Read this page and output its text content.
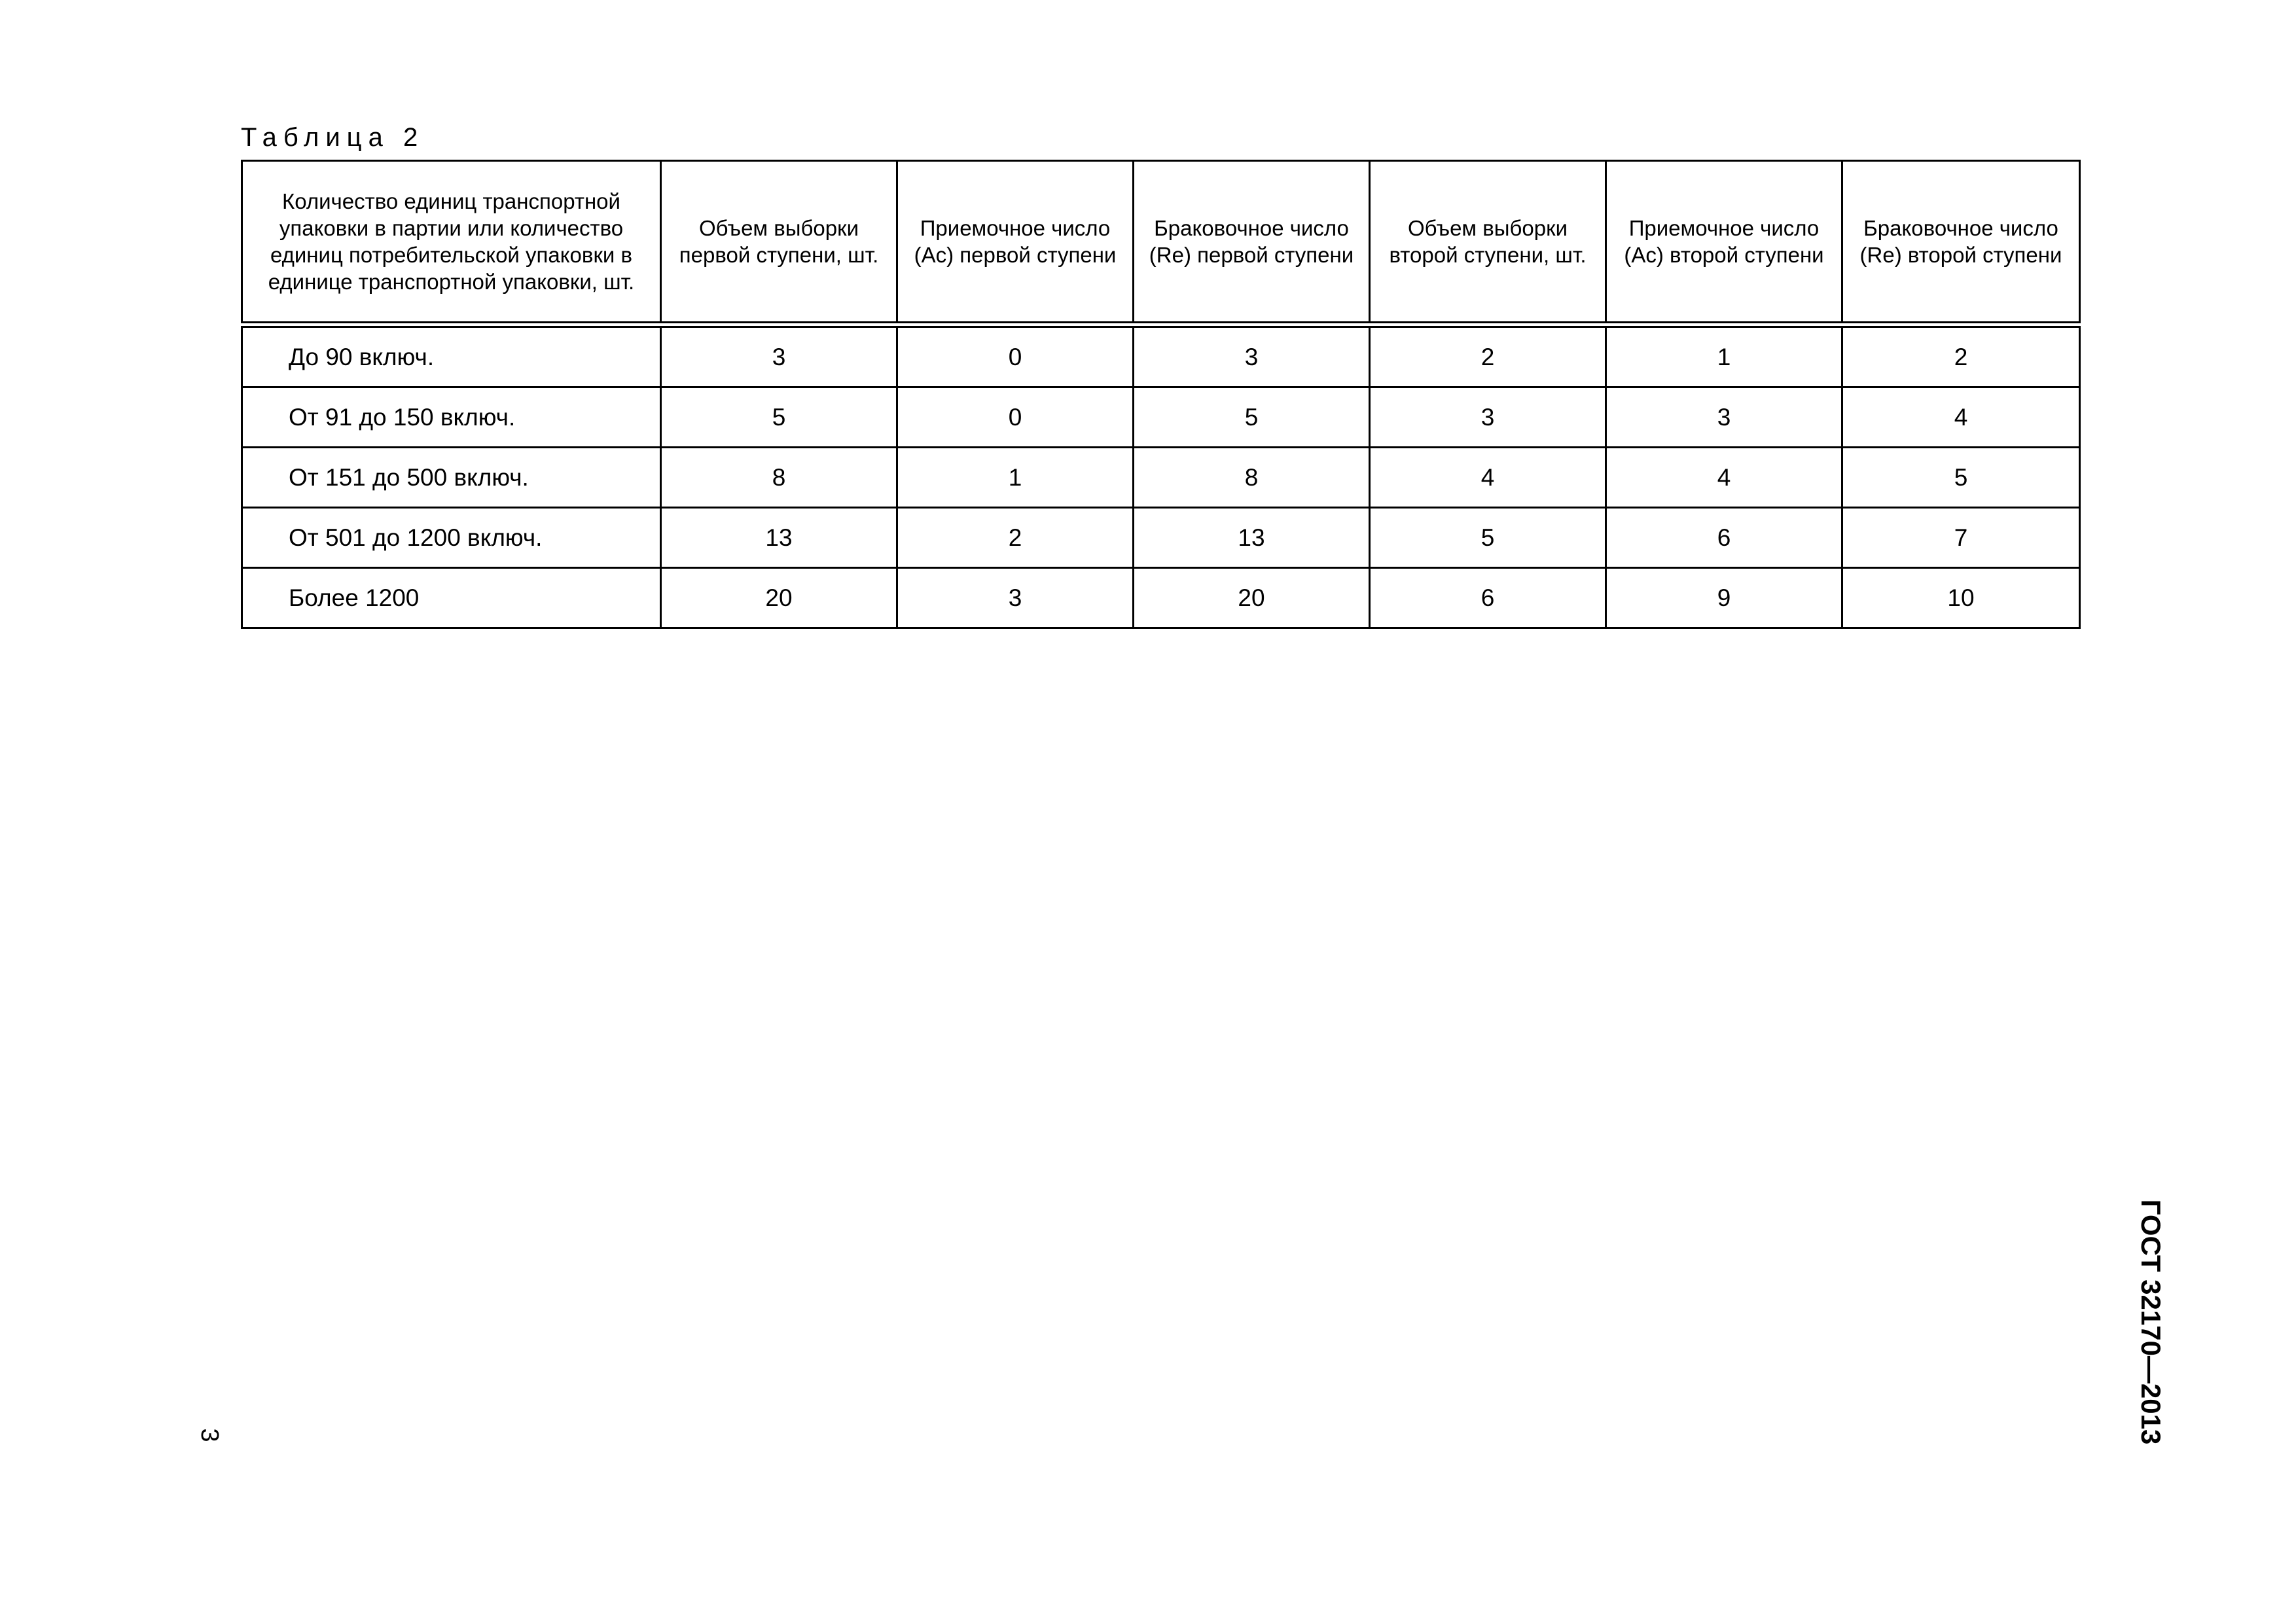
Таблица 2
Количество единиц транспортной упаковки в партии или количество единиц потребительской упаковки в единице транспортной упаковки, шт.	Объем выборки первой ступени, шт.	Приемочное число (Ас) первой ступени	Браковочное число (Re) первой ступени	Объем выборки второй ступени, шт.	Приемочное число (Ас) второй ступени	Браковочное число (Re) второй ступени

До 90 включ.	3	0	3	2	1	2
От 91 до 150 включ.	5	0	5	3	3	4
От 151 до 500 включ.	8	1	8	4	4	5
От 501 до 1200 включ.	13	2	13	5	6	7
Более 1200	20	3	20	6	9	10
3	ГОСТ 32170—2013
